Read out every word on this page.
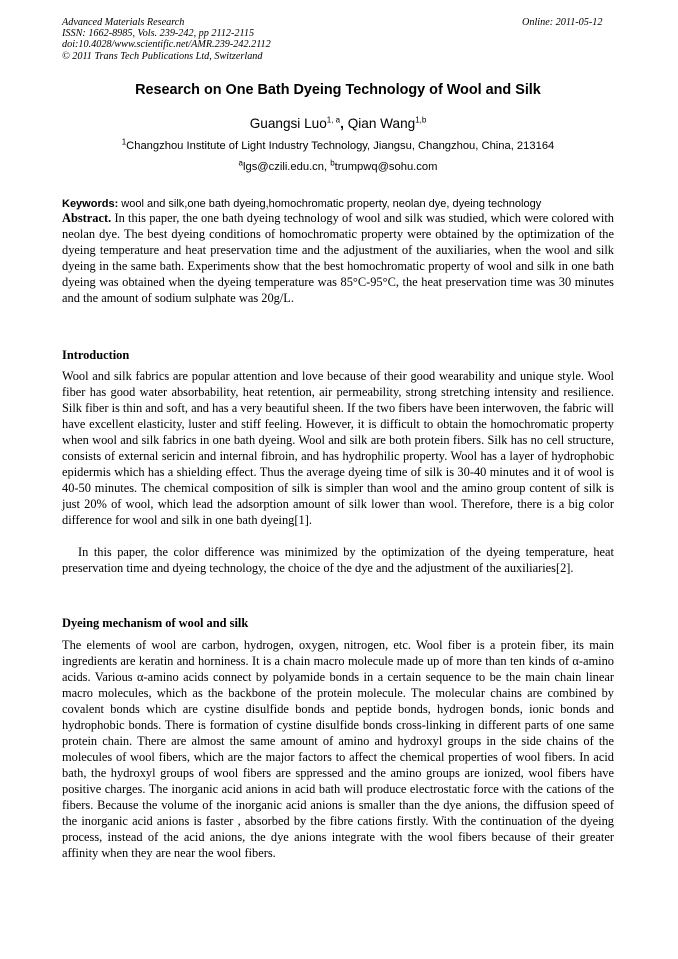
Advanced Materials Research
ISSN: 1662-8985, Vols. 239-242, pp 2112-2115
doi:10.4028/www.scientific.net/AMR.239-242.2112
© 2011 Trans Tech Publications Ltd, Switzerland
Online: 2011-05-12
Research on One Bath Dyeing Technology of Wool and Silk
Guangsi Luo$^{1, a}$, Qian Wang$^{1,b}$
$^1$Changzhou Institute of Light Industry Technology, Jiangsu, Changzhou, China, 213164
$^a$lgs@czili.edu.cn, $^b$trumpwq@sohu.com
Keywords: wool and silk,one bath dyeing,homochromatic property, neolan dye, dyeing technology
Abstract. In this paper, the one bath dyeing technology of wool and silk was studied, which were colored with neolan dye. The best dyeing conditions of homochromatic property were obtained by the optimization of the dyeing temperature and heat preservation time and the adjustment of the auxiliaries, when the wool and silk dyeing in the same bath. Experiments show that the best homochromatic property of wool and silk in one bath dyeing was obtained when the dyeing temperature was 85°C-95°C, the heat preservation time was 30 minutes and the amount of sodium sulphate was 20g/L.
Introduction
Wool and silk fabrics are popular attention and love because of their good wearability and unique style. Wool fiber has good water absorbability, heat retention, air permeability, strong stretching intensity and resilience. Silk fiber is thin and soft, and has a very beautiful sheen. If the two fibers have been interwoven, the fabric will have excellent elasticity, luster and stiff feeling. However, it is difficult to obtain the homochromatic property when wool and silk fabrics in one bath dyeing. Wool and silk are both protein fibers. Silk has no cell structure, consists of external sericin and internal fibroin, and has hydrophilic property. Wool has a layer of hydrophobic epidermis which has a shielding effect. Thus the average dyeing time of silk is 30-40 minutes and it of wool is 40-50 minutes. The chemical composition of silk is simpler than wool and the amino group content of silk is just 20% of wool, which lead the adsorption amount of silk lower than wool. Therefore, there is a big color difference for wool and silk in one bath dyeing[1].
In this paper, the color difference was minimized by the optimization of the dyeing temperature, heat preservation time and dyeing technology, the choice of the dye and the adjustment of the auxiliaries[2].
Dyeing mechanism of wool and silk
The elements of wool are carbon, hydrogen, oxygen, nitrogen, etc. Wool fiber is a protein fiber, its main ingredients are keratin and horniness. It is a chain macro molecule made up of more than ten kinds of α-amino acids. Various α-amino acids connect by polyamide bonds in a certain sequence to be the main chain linear macro molecules, which as the backbone of the protein molecule. The molecular chains are combined by covalent bonds which are cystine disulfide bonds and peptide bonds, hydrogen bonds, ionic bonds and hydrophobic bonds. There is formation of cystine disulfide bonds cross-linking in different parts of one same protein chain. There are almost the same amount of amino and hydroxyl groups in the side chains of the molecules of wool fibers, which are the major factors to affect the chemical properties of wool fibers. In acid bath, the hydroxyl groups of wool fibers are sppressed and the amino groups are ionized, wool fibers have positive charges. The inorganic acid anions in acid bath will produce electrostatic force with the cations of the fibers. Because the volume of the inorganic acid anions is smaller than the dye anions, the diffusion speed of the inorganic acid anions is faster , absorbed by the fibre cations firstly. With the continuation of the dyeing process, instead of the acid anions, the dye anions integrate with the wool fibers because of their greater affinity when they are near the wool fibers.
